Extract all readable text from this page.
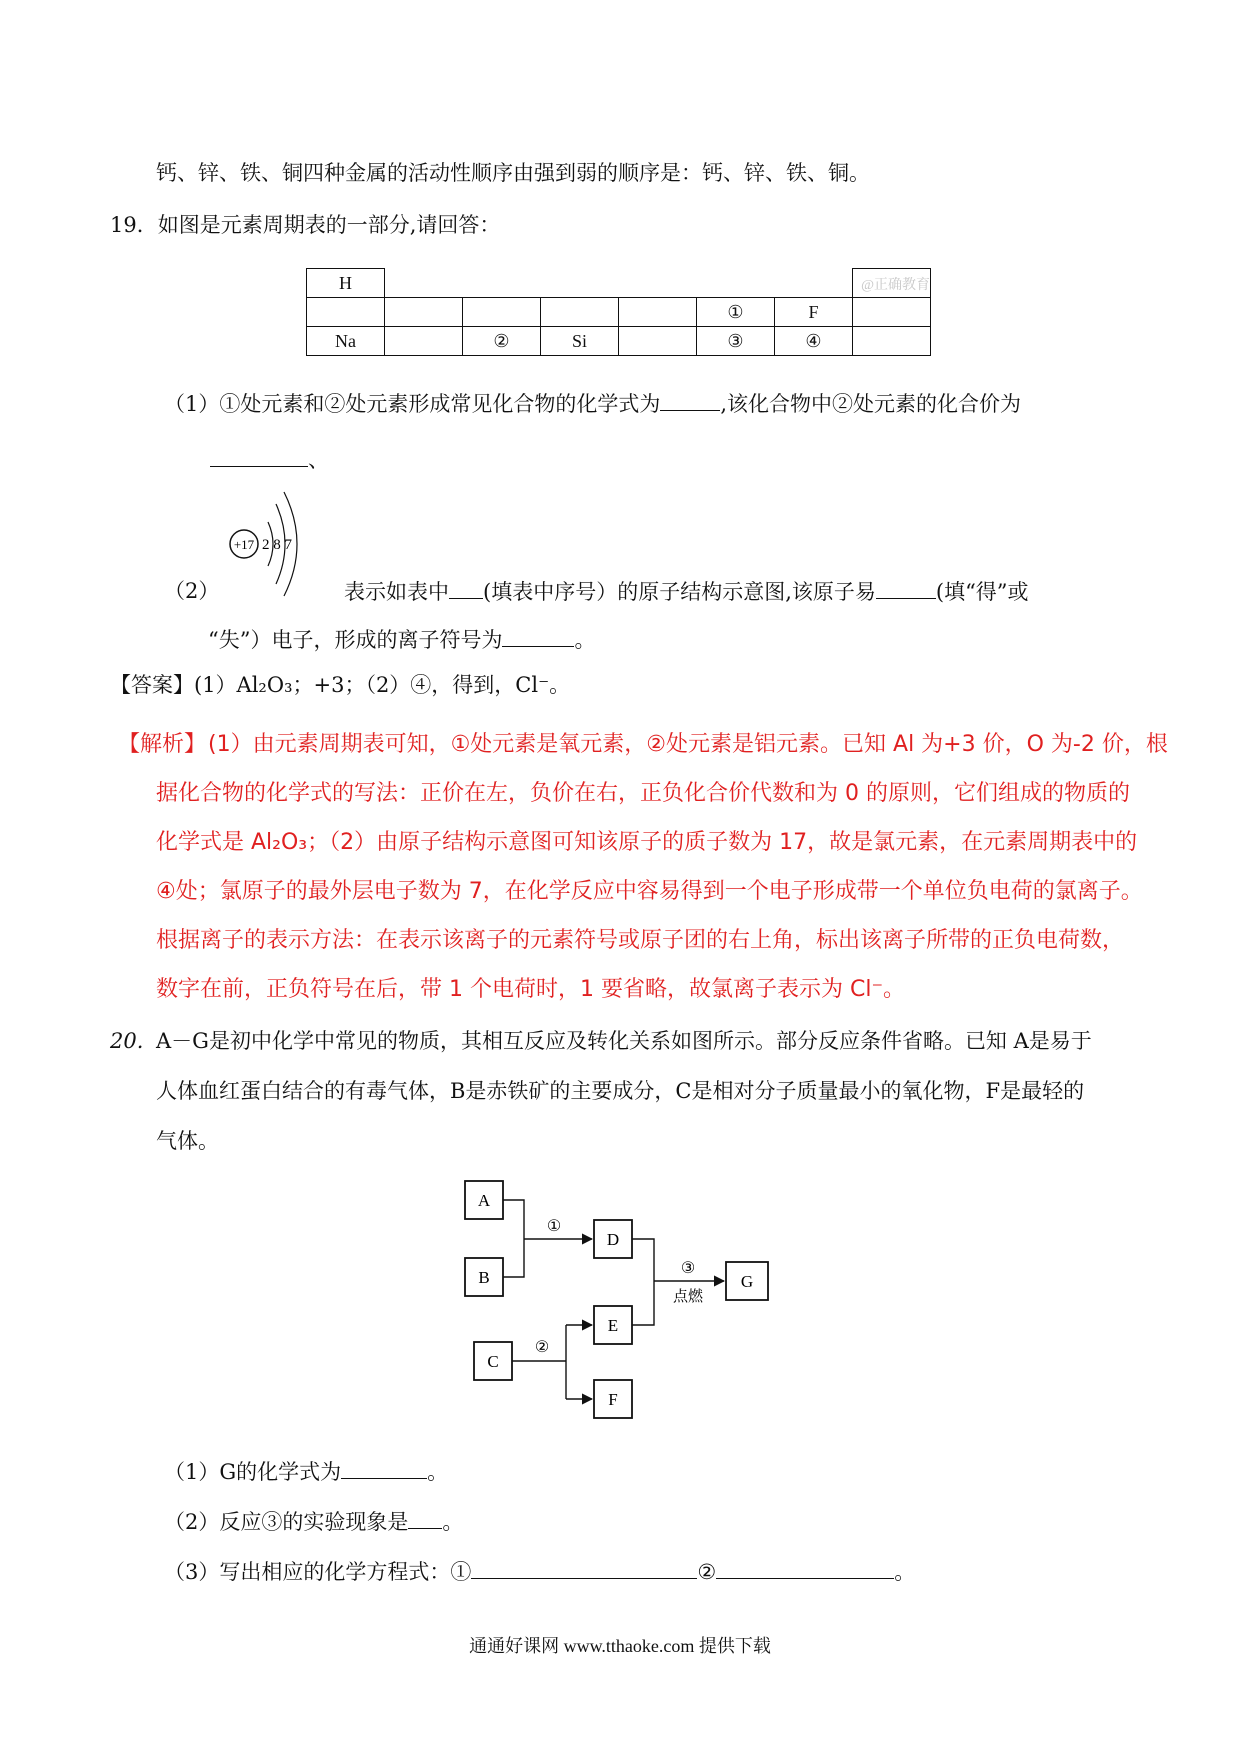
钙、锌、铁、铜四种金属的活动性顺序由强到弱的顺序是：钙、锌、铁、铜。
19．如图是元素周期表的一部分,请回答：
H							@正确教育
					①	F	
Na		②	Si		③	④	
（1）①处元素和②处元素形成常见化合物的化学式为	,该化合物中②处元素的化合价为
、
+17 2 8 7
（2）	表示如表中 (填表中序号）的原子结构示意图,该原子易	(填“得”或
“失”）电子，形成的离子符号为	。
【答案】(1）Al₂O₃；+3；（2）④，得到，Cl⁻。
【解析】 (1）由元素周期表可知，①处元素是氧元素，②处元素是铝元素。已知 Al 为+3 价，O 为-2 价，根
据化合物的化学式的写法：正价在左，负价在右，正负化合价代数和为 0 的原则，它们组成的物质的
化学式是 Al₂O₃；（2）由原子结构示意图可知该原子的质子数为 17，故是氯元素，在元素周期表中的
④处；氯原子的最外层电子数为 7，在化学反应中容易得到一个电子形成带一个单位负电荷的氯离子。
根据离子的表示方法：在表示该离子的元素符号或原子团的右上角，标出该离子所带的正负电荷数，
数字在前，正负符号在后，带 1 个电荷时，1 要省略，故氯离子表示为 Cl⁻。
20. A－G是初中化学中常见的物质，其相互反应及转化关系如图所示。部分反应条件省略。已知 A是易于
人体血红蛋白结合的有毒气体，B是赤铁矿的主要成分，C是相对分子质量最小的氧化物，F是最轻的
气体。
A
B
C
D
E
F
G
①
②
③
点燃
（1）G的化学式为	。
（2）反应③的实验现象是 。
（3）写出相应的化学方程式：①	②	。
通通好课网 www.tthaoke.com 提供下载
